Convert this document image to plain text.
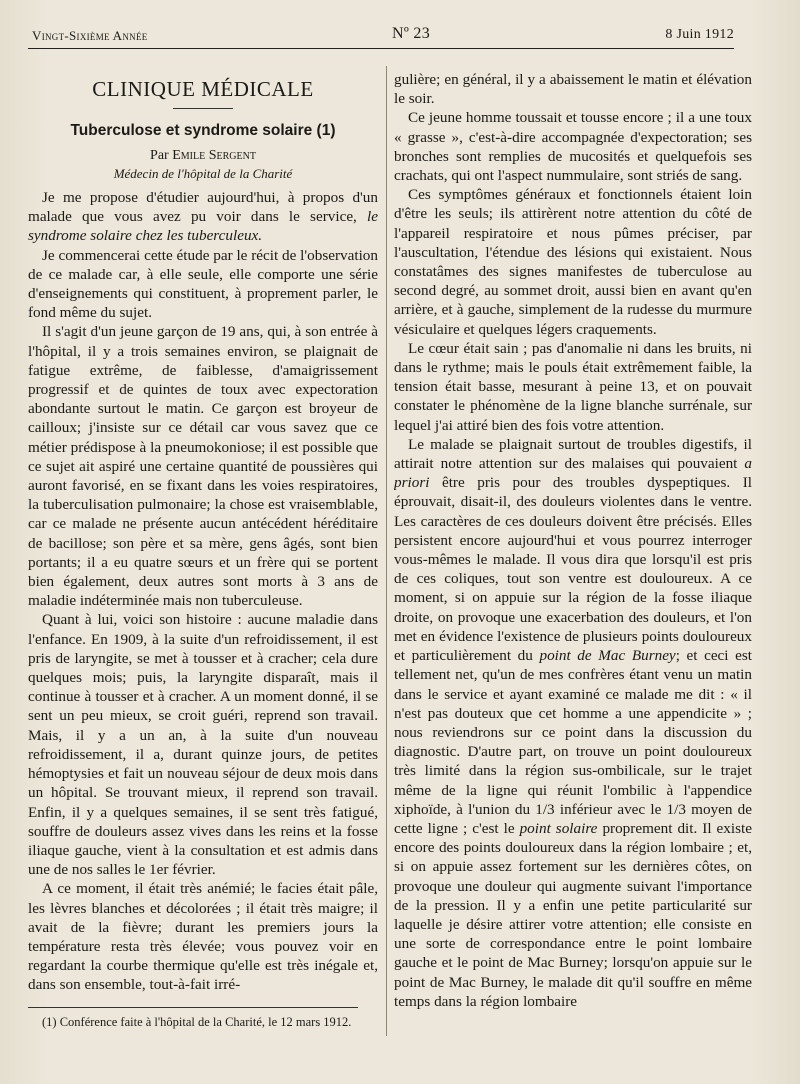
Vingt-Sixième Année	Nº 23	8 Juin 1912
CLINIQUE MÉDICALE
Tuberculose et syndrome solaire (1)
Par Emile Sergent
Médecin de l'hôpital de la Charité

Je me propose d'étudier aujourd'hui, à propos d'un malade que vous avez pu voir dans le service, le syndrome solaire chez les tuberculeux.

Je commencerai cette étude par le récit de l'observation de ce malade car, à elle seule, elle comporte une série d'enseignements qui constituent, à proprement parler, le fond même du sujet.

Il s'agit d'un jeune garçon de 19 ans, qui, à son entrée à l'hôpital, il y a trois semaines environ, se plaignait de fatigue extrême, de faiblesse, d'amaigrissement progressif et de quintes de toux avec expectoration abondante surtout le matin. Ce garçon est broyeur de cailloux; j'insiste sur ce détail car vous savez que ce métier prédispose à la pneumokoniose; il est possible que ce sujet ait aspiré une certaine quantité de poussières qui auront favorisé, en se fixant dans les voies respiratoires, la tuberculisation pulmonaire; la chose est vraisemblable, car ce malade ne présente aucun antécédent héréditaire de bacillose; son père et sa mère, gens âgés, sont bien portants; il a eu quatre sœurs et un frère qui se portent bien également, deux autres sont morts à 3 ans de maladie indéterminée mais non tuberculeuse.

Quant à lui, voici son histoire : aucune maladie dans l'enfance. En 1909, à la suite d'un refroidissement, il est pris de laryngite, se met à tousser et à cracher; cela dure quelques mois; puis, la laryngite disparaît, mais il continue à tousser et à cracher. A un moment donné, il se sent un peu mieux, se croit guéri, reprend son travail. Mais, il y a un an, à la suite d'un nouveau refroidissement, il a, durant quinze jours, de petites hémoptysies et fait un nouveau séjour de deux mois dans un hôpital. Se trouvant mieux, il reprend son travail. Enfin, il y a quelques semaines, il se sent très fatigué, souffre de douleurs assez vives dans les reins et la fosse iliaque gauche, vient à la consultation et est admis dans une de nos salles le 1er février.

A ce moment, il était très anémié; le facies était pâle, les lèvres blanches et décolorées ; il était très maigre; il avait de la fièvre; durant les premiers jours la température resta très élevée; vous pouvez voir en regardant la courbe thermique qu'elle est très inégale et, dans son ensemble, tout-à-fait irré-

(1) Conférence faite à l'hôpital de la Charité, le 12 mars 1912.

gulière; en général, il y a abaissement le matin et élévation le soir.

Ce jeune homme toussait et tousse encore ; il a une toux « grasse », c'est-à-dire accompagnée d'expectoration; ses bronches sont remplies de mucosités et quelquefois ses crachats, qui ont l'aspect nummulaire, sont striés de sang.

Ces symptômes généraux et fonctionnels étaient loin d'être les seuls; ils attirèrent notre attention du côté de l'appareil respiratoire et nous pûmes préciser, par l'auscultation, l'étendue des lésions qui existaient. Nous constatâmes des signes manifestes de tuberculose au second degré, au sommet droit, aussi bien en avant qu'en arrière, et à gauche, simplement de la rudesse du murmure vésiculaire et quelques légers craquements.

Le cœur était sain ; pas d'anomalie ni dans les bruits, ni dans le rythme; mais le pouls était extrêmement faible, la tension était basse, mesurant à peine 13, et on pouvait constater le phénomène de la ligne blanche surrénale, sur lequel j'ai attiré bien des fois votre attention.

Le malade se plaignait surtout de troubles digestifs, il attirait notre attention sur des malaises qui pouvaient a priori être pris pour des troubles dyspeptiques. Il éprouvait, disait-il, des douleurs violentes dans le ventre. Les caractères de ces douleurs doivent être précisés. Elles persistent encore aujourd'hui et vous pourrez interroger vous-mêmes le malade. Il vous dira que lorsqu'il est pris de ces coliques, tout son ventre est douloureux. A ce moment, si on appuie sur la région de la fosse iliaque droite, on provoque une exacerbation des douleurs, et l'on met en évidence l'existence de plusieurs points douloureux et particulièrement du point de Mac Burney; et ceci est tellement net, qu'un de mes confrères étant venu un matin dans le service et ayant examiné ce malade me dit : « il n'est pas douteux que cet homme a une appendicite » ; nous reviendrons sur ce point dans la discussion du diagnostic. D'autre part, on trouve un point douloureux très limité dans la région sus-ombilicale, sur le trajet même de la ligne qui réunit l'ombilic à l'appendice xiphoïde, à l'union du 1/3 inférieur avec le 1/3 moyen de cette ligne ; c'est le point solaire proprement dit. Il existe encore des points douloureux dans la région lombaire ; et, si on appuie assez fortement sur les dernières côtes, on provoque une douleur qui augmente suivant l'importance de la pression. Il y a enfin une petite particularité sur laquelle je désire attirer votre attention; elle consiste en une sorte de correspondance entre le point lombaire gauche et le point de Mac Burney; lorsqu'on appuie sur le point de Mac Burney, le malade dit qu'il souffre en même temps dans la région lombaire
